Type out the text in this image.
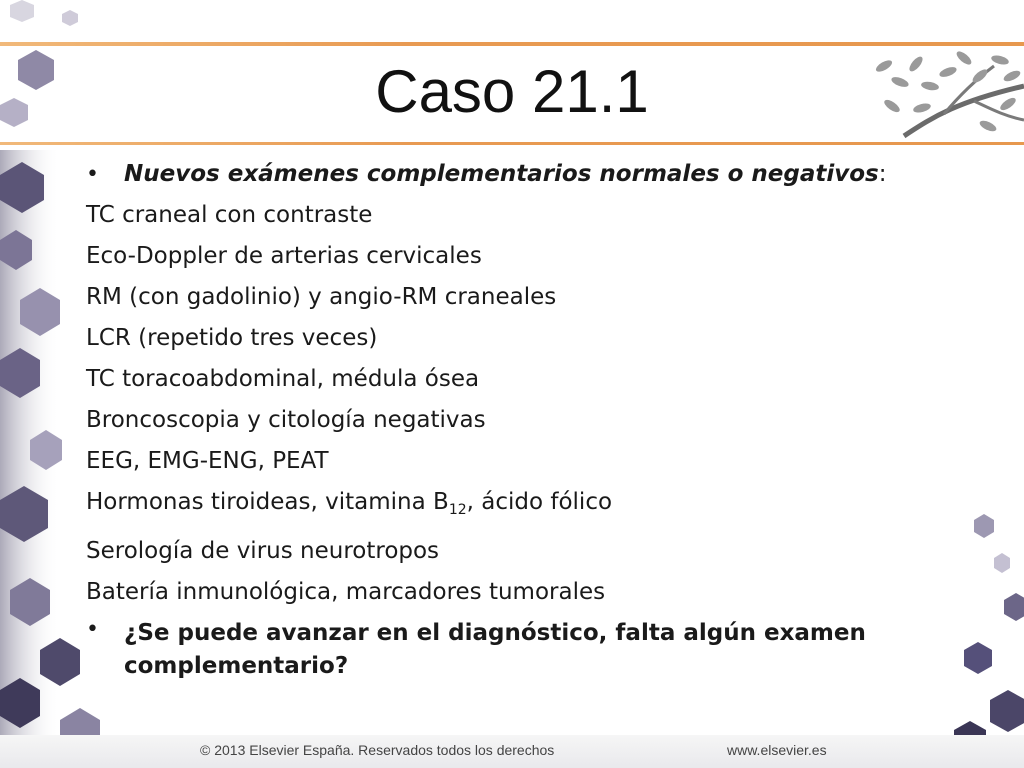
Caso 21.1
• Nuevos exámenes complementarios normales o negativos:
TC craneal con contraste
Eco-Doppler de arterias cervicales
RM (con gadolinio) y angio-RM craneales
LCR (repetido tres veces)
TC toracoabdominal, médula ósea
Broncoscopia y citología negativas
EEG, EMG-ENG, PEAT
Hormonas tiroideas, vitamina $B_{12}$, ácido fólico
Serología de virus neurotropos
Batería inmunológica, marcadores tumorales
• ¿Se puede avanzar en el diagnóstico, falta algún examen complementario?
© 2013 Elsevier España. Reservados todos los derechos	www.elsevier.es
